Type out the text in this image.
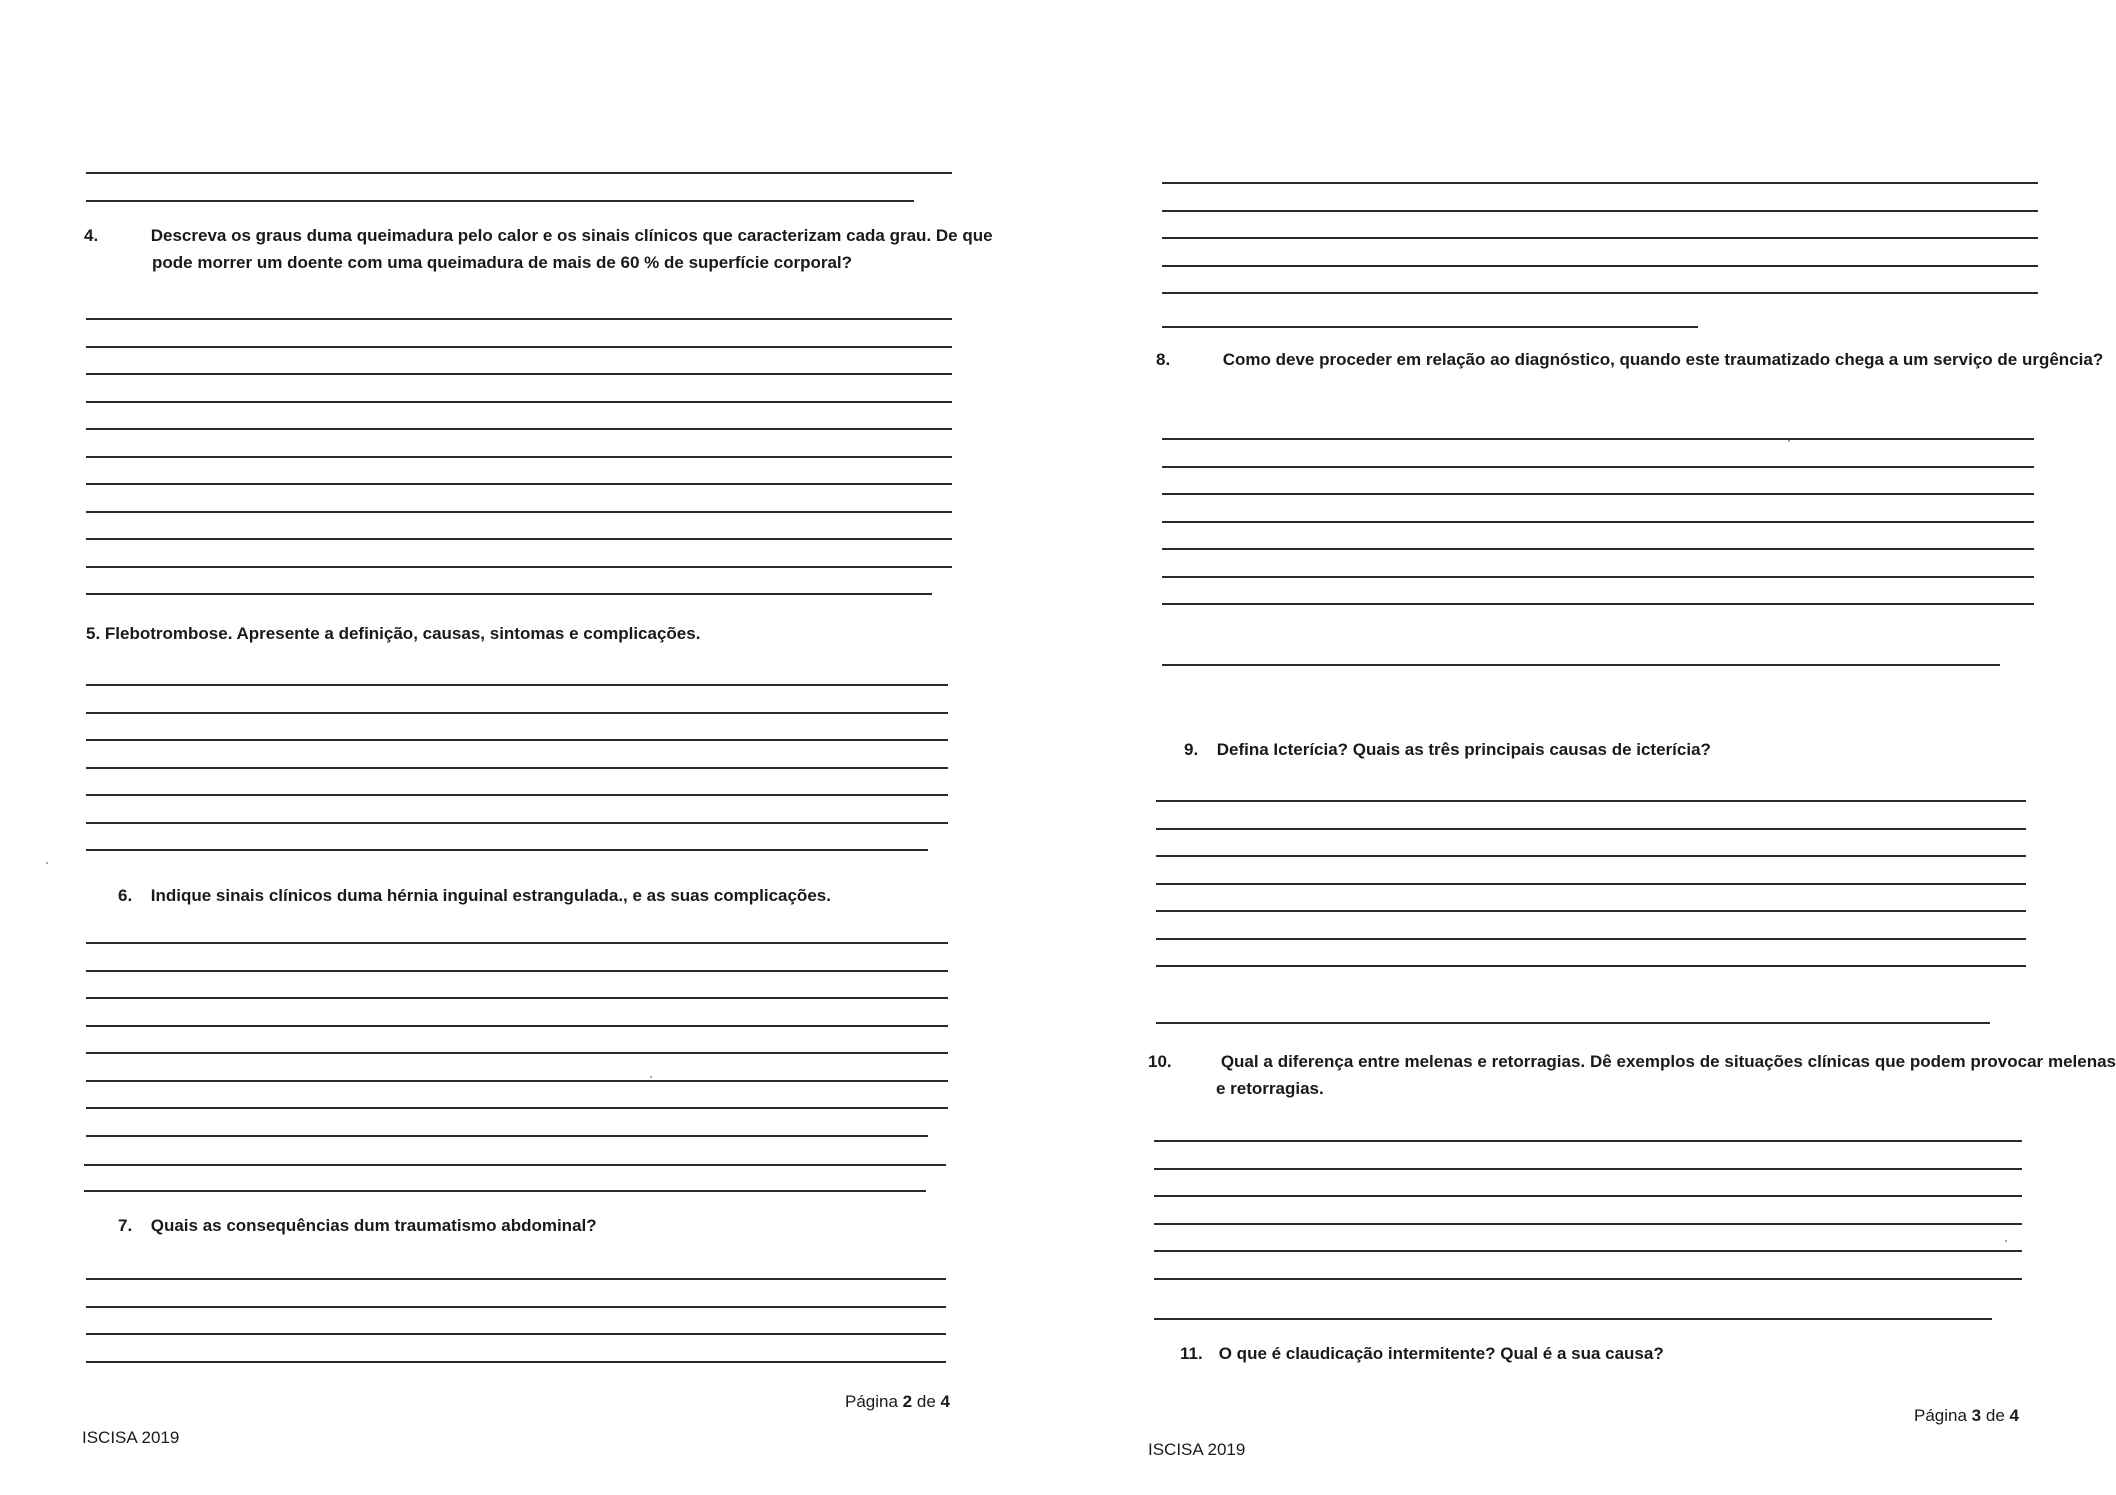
4.	Descreva os graus duma queimadura pelo calor e os sinais clínicos que caracterizam cada grau. De que pode morrer um doente com uma queimadura de mais de 60 % de superfície corporal?

5. Flebotrombose. Apresente a definição, causas, sintomas e complicações.

6. Indique sinais clínicos duma hérnia inguinal estrangulada., e as suas complicações.

7. Quais as consequências dum traumatismo abdominal?

Página 2 de 4
ISCISA 2019

8.	Como deve proceder em relação ao diagnóstico, quando este traumatizado chega a um serviço de urgência?

9. Defina Icterícia? Quais as três principais causas de icterícia?

10.	Qual a diferença entre melenas e retorragias. Dê exemplos de situações clínicas que podem provocar melenas e retorragias.

11. O que é claudicação intermitente? Qual é a sua causa?

Página 3 de 4
ISCISA 2019
